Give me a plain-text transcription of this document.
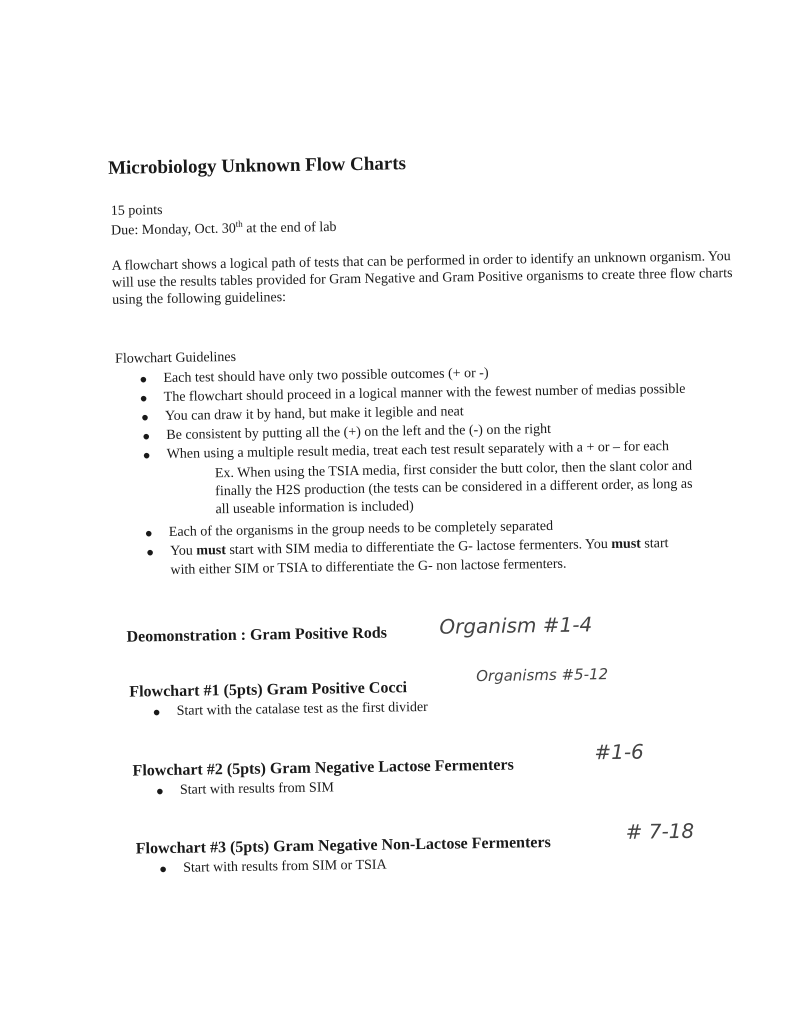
Microbiology Unknown Flow Charts
15 points
Due: Monday, Oct. 30th at the end of lab
A flowchart shows a logical path of tests that can be performed in order to identify an unknown organism. You will use the results tables provided for Gram Negative and Gram Positive organisms to create three flow charts using the following guidelines:
Flowchart Guidelines
● Each test should have only two possible outcomes (+ or -)
● The flowchart should proceed in a logical manner with the fewest number of medias possible
● You can draw it by hand, but make it legible and neat
● Be consistent by putting all the (+) on the left and the (-) on the right
● When using a multiple result media, treat each test result separately with a + or – for each
Ex. When using the TSIA media, first consider the butt color, then the slant color and
finally the H2S production (the tests can be considered in a different order, as long as
all useable information is included)
● Each of the organisms in the group needs to be completely separated
● You must start with SIM media to differentiate the G- lactose fermenters. You must start
with either SIM or TSIA to differentiate the G- non lactose fermenters.
Deomonstration : Gram Positive Rods	Organism #1-4
Flowchart #1 (5pts) Gram Positive Cocci
Organisms #5-12
● Start with the catalase test as the first divider
Flowchart #2 (5pts) Gram Negative Lactose Fermenters
#1-6
● Start with results from SIM
Flowchart #3 (5pts) Gram Negative Non-Lactose Fermenters
# 7-18
● Start with results from SIM or TSIA
